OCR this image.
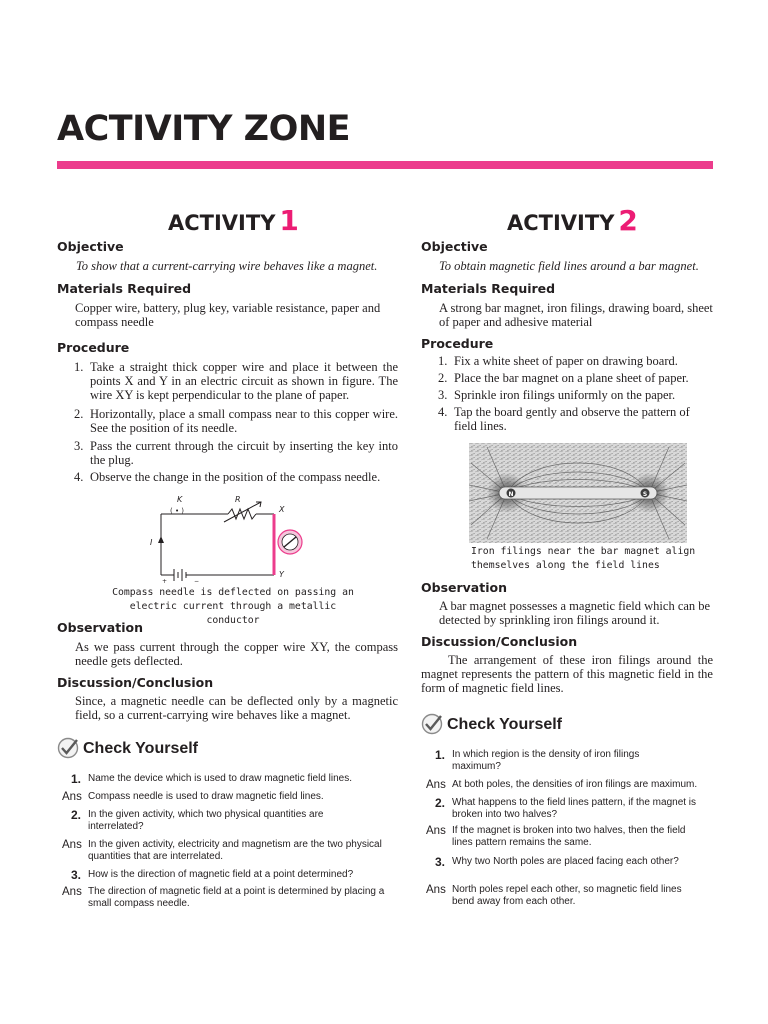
ACTIVITY ZONE
ACTIVITY 1
Objective
To show that a current-carrying wire behaves like a magnet.
Materials Required
Copper wire, battery, plug key, variable resistance, paper and compass needle
Procedure
1. Take a straight thick copper wire and place it between the points X and Y in an electric circuit as shown in figure. The wire XY is kept perpendicular to the plane of paper.
2. Horizontally, place a small compass near to this copper wire. See the position of its needle.
3. Pass the current through the circuit by inserting the key into the plug.
4. Observe the change in the position of the compass needle.
K
( • )
R
X
Y
I
+	−
Compass needle is deflected on passing an
electric current through a metallic conductor
Observation
As we pass current through the copper wire XY, the compass needle gets deflected.
Discussion/Conclusion
Since, a magnetic needle can be deflected only by a magnetic field, so a current-carrying wire behaves like a magnet.
Check Yourself
1. Name the device which is used to draw magnetic field lines.
Ans Compass needle is used to draw magnetic field lines.
2. In the given activity, which two physical quantities are interrelated?
Ans In the given activity, electricity and magnetism are the two physical quantities that are interrelated.
3. How is the direction of magnetic field at a point determined?
Ans The direction of magnetic field at a point is determined by placing a small compass needle.
ACTIVITY 2
Objective
To obtain magnetic field lines around a bar magnet.
Materials Required
A strong bar magnet, iron filings, drawing board, sheet of paper and adhesive material
Procedure
1. Fix a white sheet of paper on drawing board.
2. Place the bar magnet on a plane sheet of paper.
3. Sprinkle iron filings uniformly on the paper.
4. Tap the board gently and observe the pattern of field lines.
N	S
Iron filings near the bar magnet align
themselves along the field lines
Observation
A bar magnet possesses a magnetic field which can be detected by sprinkling iron filings around it.
Discussion/Conclusion
The arrangement of these iron filings around the magnet represents the pattern of this magnetic field in the form of magnetic field lines.
Check Yourself
1. In which region is the density of iron filings maximum?
Ans At both poles, the densities of iron filings are maximum.
2. What happens to the field lines pattern, if the magnet is broken into two halves?
Ans If the magnet is broken into two halves, then the field lines pattern remains the same.
3. Why two North poles are placed facing each other?
Ans North poles repel each other, so magnetic field lines bend away from each other.
